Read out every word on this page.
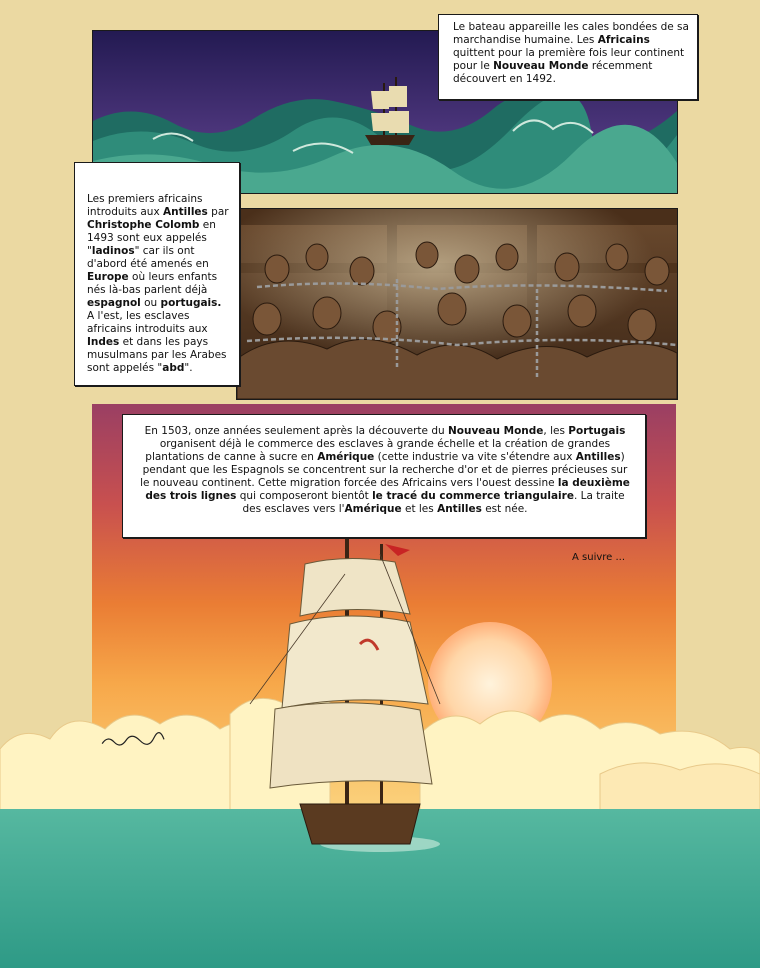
Le bateau appareille les cales bondées de sa marchandise humaine. Les Africains quittent pour la première fois leur continent pour le Nouveau Monde récemment découvert en 1492.
Les premiers africains introduits aux Antilles par Christophe Colomb en 1493 sont eux appelés "ladinos" car ils ont d'abord été amenés en Europe où leurs enfants nés là-bas parlent déjà espagnol ou portugais. A l'est, les esclaves africains introduits aux Indes et dans les pays musulmans par les Arabes sont appelés "abd".
En 1503, onze années seulement après la découverte du Nouveau Monde, les Portugais organisent déjà le commerce des esclaves à grande échelle et la création de grandes plantations de canne à sucre en Amérique (cette industrie va vite s'étendre aux Antilles) pendant que les Espagnols se concentrent sur la recherche d'or et de pierres précieuses sur le nouveau continent. Cette migration forcée des Africains vers l'ouest dessine la deuxième des trois lignes qui composeront bientôt le tracé du commerce triangulaire. La traite des esclaves vers l'Amérique et les Antilles est née.
A suivre ...
